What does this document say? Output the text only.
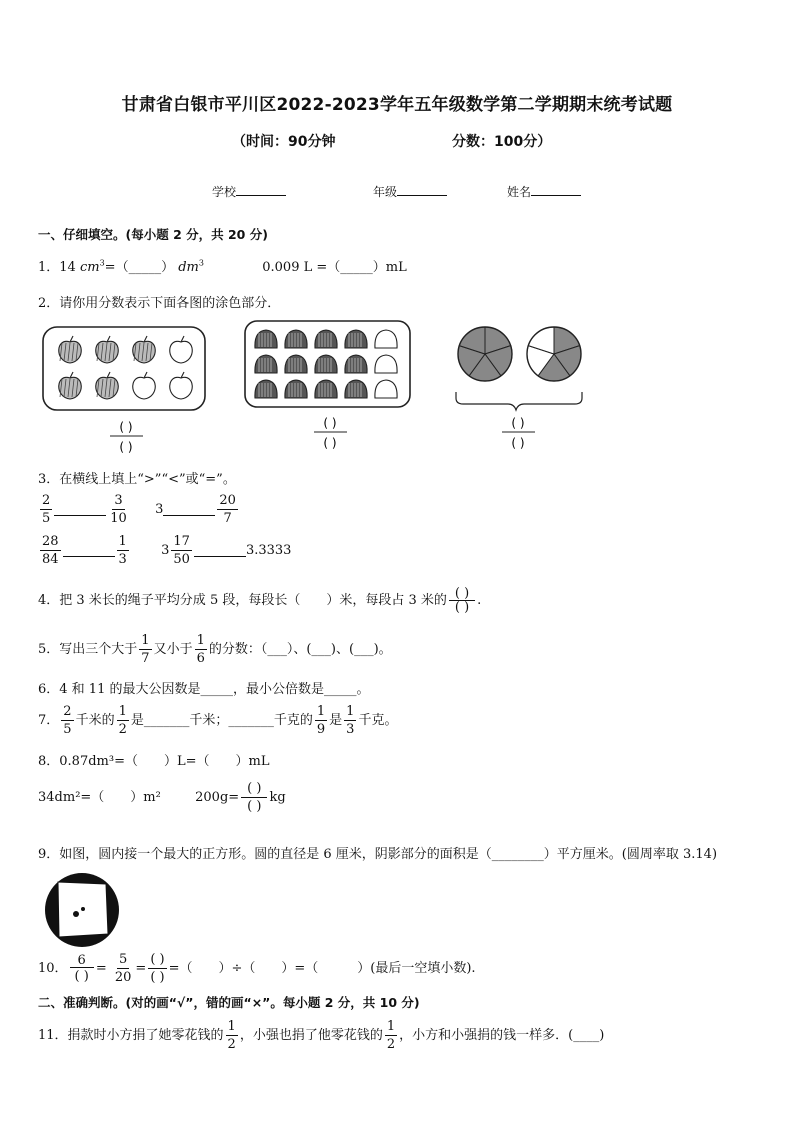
甘肃省白银市平川区2022-2023学年五年级数学第二学期期末统考试题
（时间：90分钟	分数：100分）
学校	年级	姓名
一、仔细填空。(每小题 2 分，共 20 分)
1．14 $cm^3=(\_\_\_\_\_)$ $dm^3$	0.009 L =（_____）mL
2．请你用分数表示下面各图的涂色部分．
( )
( )
( )
( )
( )
( )
3．在横线上填上“>”“<”或“=”。
$\frac{2}{5}$	$\frac{3}{10} 3$	$\frac{20}{7}$
$\frac{28}{84}$	$\frac{1}{3} 3 \frac{17}{50}$	3.3333
4．把 3 米长的绳子平均分成 5 段，每段长（　　）米，每段占 3 米的 $\frac{( )}{( )}$ .
5．写出三个大于 $\frac{1}{7}$ 又小于 $\frac{1}{6}$ 的分数：（___）、(___)、(___)。
6．4 和 11 的最大公因数是_____，最小公倍数是_____。
7． $\frac{2}{5}$ 千米的 $\frac{1}{2}$ 是_______千米；_______千克的 $\frac{1}{9}$ 是 $\frac{1}{3}$ 千克。
8．0.87dm³=（　　）L=（　　）mL
34dm²=（　　）m²	$200g= \frac{( )}{( )}$ kg
9．如图，圆内接一个最大的正方形。圆的直径是 6 厘米，阴影部分的面积是（________）平方厘米。(圆周率取 3.14)
10． $\frac{6}{( )} = \frac{5}{20} = \frac{( )}{( )}$ =（　　）÷（　　）=（　　　）(最后一空填小数).
二、准确判断。(对的画“√”，错的画“×”。每小题 2 分，共 10 分)
11．捐款时小方捐了她零花钱的 $\frac{1}{2}$ ，小强也捐了他零花钱的 $\frac{1}{2}$ ，小方和小强捐的钱一样多．(____)
